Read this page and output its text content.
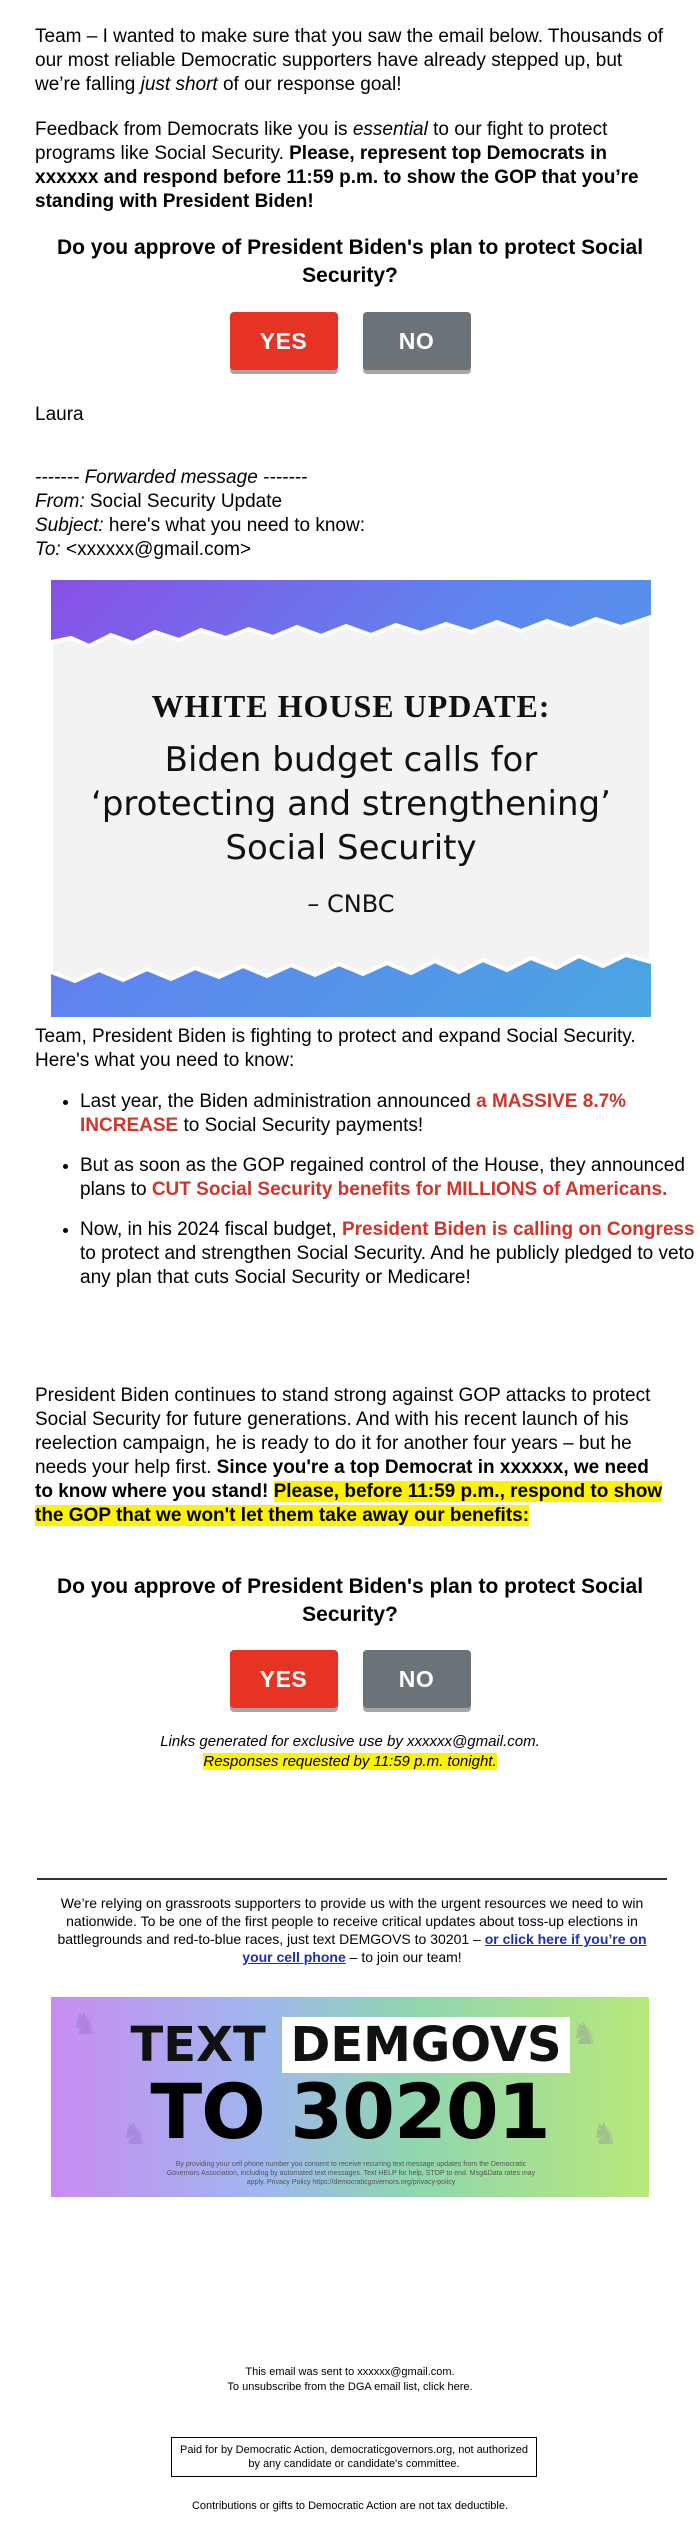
Team – I wanted to make sure that you saw the email below. Thousands of our most reliable Democratic supporters have already stepped up, but we’re falling just short of our response goal!

Feedback from Democrats like you is essential to our fight to protect programs like Social Security. Please, represent top Democrats in xxxxxx and respond before 11:59 p.m. to show the GOP that you’re standing with President Biden!

Do you approve of President Biden's plan to protect Social Security?
YES	NO
Laura
------- Forwarded message -------
From: Social Security Update
Subject: here's what you need to know:
To: <xxxxxx@gmail.com>
WHITE HOUSE UPDATE:
Biden budget calls for
‘protecting and strengthening’
Social Security
– CNBC

Team, President Biden is fighting to protect and expand Social Security. Here's what you need to know:

• Last year, the Biden administration announced a MASSIVE 8.7% INCREASE to Social Security payments!
• But as soon as the GOP regained control of the House, they announced plans to CUT Social Security benefits for MILLIONS of Americans.
• Now, in his 2024 fiscal budget, President Biden is calling on Congress to protect and strengthen Social Security. And he publicly pledged to veto any plan that cuts Social Security or Medicare!

President Biden continues to stand strong against GOP attacks to protect Social Security for future generations. And with his recent launch of his reelection campaign, he is ready to do it for another four years – but he needs your help first. Since you're a top Democrat in xxxxxx, we need to know where you stand! Please, before 11:59 p.m., respond to show the GOP that we won't let them take away our benefits:

Do you approve of President Biden's plan to protect Social Security?
YES	NO
Links generated for exclusive use by xxxxxx@gmail.com.
Responses requested by 11:59 p.m. tonight.

We’re relying on grassroots supporters to provide us with the urgent resources we need to win nationwide. To be one of the first people to receive critical updates about toss-up elections in battlegrounds and red-to-blue races, just text DEMGOVS to 30201 – or click here if you’re on your cell phone – to join our team!

♞
♞
♞
♞
TEXT DEMGOVS
TO 30201
By providing your cell phone number you consent to receive recurring text message updates from the Democratic Governors Association, including by automated text messages. Text HELP for help, STOP to end. Msg&Data rates may apply. Privacy Policy https://democraticgovernors.org/privacy-policy
This email was sent to xxxxxx@gmail.com.
To unsubscribe from the DGA email list, click here.
Paid for by Democratic Action, democraticgovernors.org, not authorized by any candidate or candidate's committee.
Contributions or gifts to Democratic Action are not tax deductible.
